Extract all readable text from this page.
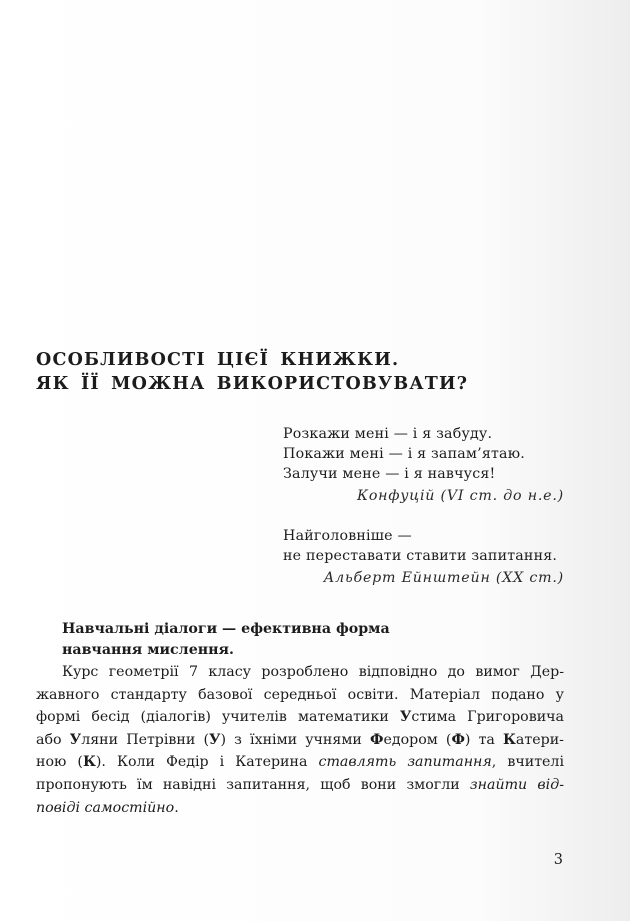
ОСОБЛИВОСТІ ЦІЄЇ КНИЖКИ.
ЯК ЇЇ МОЖНА ВИКОРИСТОВУВАТИ?
Розкажи мені — і я забуду.
Покажи мені — і я запам’ятаю.
Залучи мене — і я навчуся!
Конфуцій (VI ст. до н.е.)
Найголовніше —
не переставати ставити запитання.
Альберт Ейнштейн (XX ст.)
Навчальні діалоги — ефективна форма
навчання мислення.
Курс геометрії 7 класу розроблено відповідно до вимог Дер-
жавного стандарту базової середньої освіти. Матеріал подано у
формі бесід (діалогів) учителів математики Устима Григоровича
або Уляни Петрівни (У) з їхніми учнями Федором (Ф) та Катери-
ною (К). Коли Федір і Катерина ставлять запитання, вчителі
пропонують їм навідні запитання, щоб вони змогли знайти від-
повіді самостійно.
3
